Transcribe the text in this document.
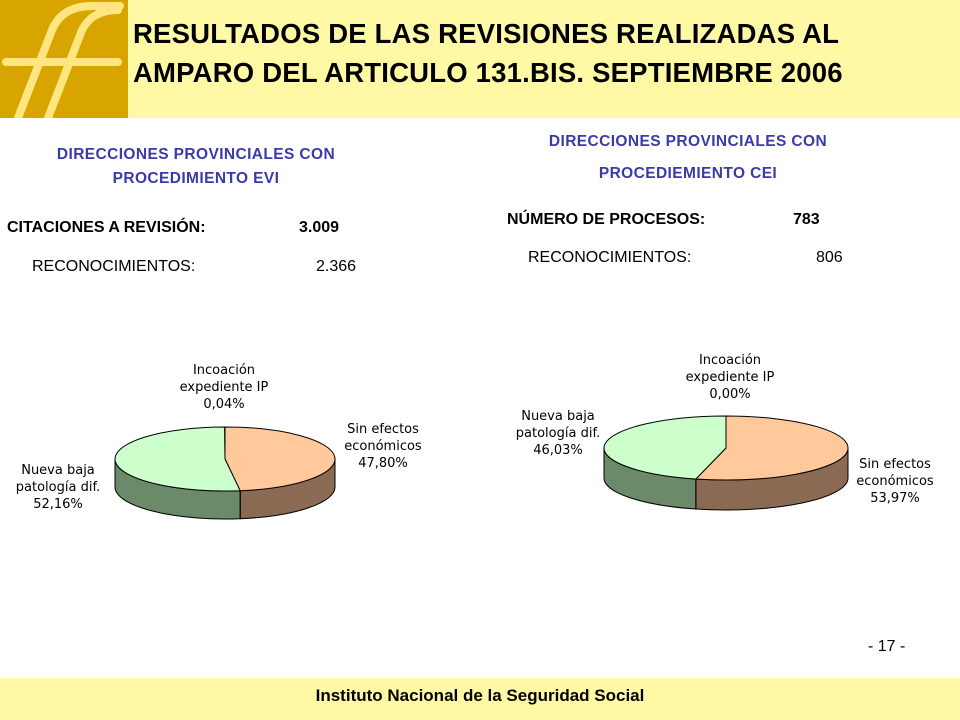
RESULTADOS DE LAS REVISIONES REALIZADAS AL
AMPARO DEL ARTICULO 131.BIS. SEPTIEMBRE 2006
DIRECCIONES PROVINCIALES CON
PROCEDIMIENTO EVI
CITACIONES A REVISIÓN:	3.009
RECONOCIMIENTOS:	2.366
DIRECCIONES PROVINCIALES CON
PROCEDIEMIENTO CEI
NÚMERO DE PROCESOS:	783
RECONOCIMIENTOS:	806
Sin efectos económicos 47,80%
Nueva baja patología dif. 52,16%
Incoación expediente IP 0,04%
Sin efectos económicos 53,97%
Nueva baja patología dif. 46,03%
Incoación expediente IP 0,00%
- 17 -
Instituto Nacional de la Seguridad Social
